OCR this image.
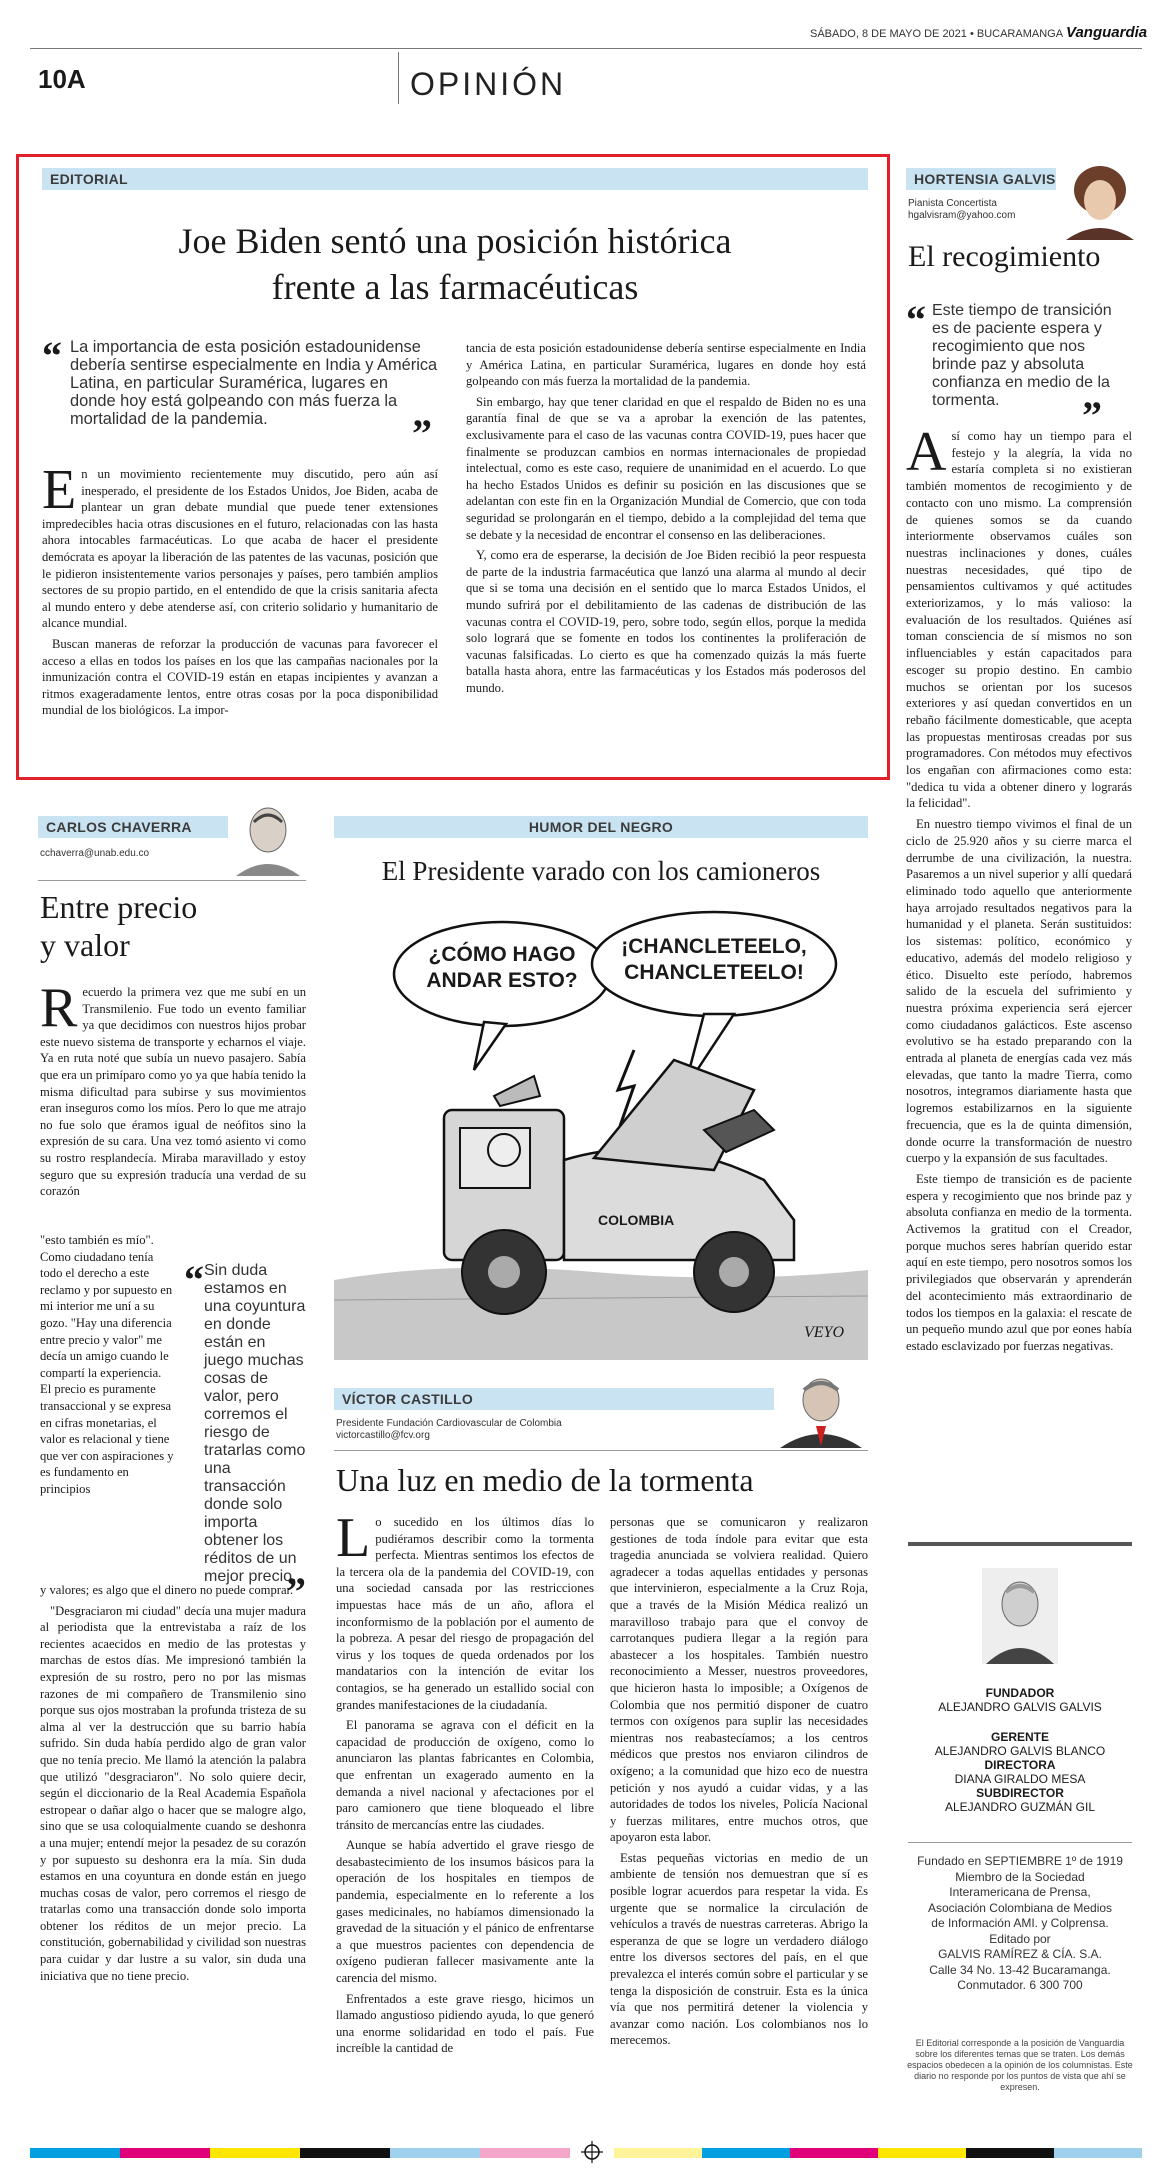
SÁBADO, 8 DE MAYO DE 2021 • BUCARAMANGA Vanguardia
10A	OPINIÓN
EDITORIAL
Joe Biden sentó una posición histórica
frente a las farmacéuticas
“ La importancia de esta posición estadounidense debería sentirse especialmente en India y América Latina, en particular Suramérica, lugares en donde hoy está golpeando con más fuerza la mortalidad de la pandemia.	”

En un movimiento recientemente muy discutido, pero aún así inesperado, el presidente de los Estados Unidos, Joe Biden, acaba de plantear un gran debate mundial que puede tener extensiones impredecibles hacia otras discusiones en el futuro, relacionadas con las hasta ahora intocables farmacéuticas. Lo que acaba de hacer el presidente demócrata es apoyar la liberación de las patentes de las vacunas, posición que le pidieron insistentemente varios personajes y países, pero también amplios sectores de su propio partido, en el entendido de que la crisis sanitaria afecta al mundo entero y debe atenderse así, con criterio solidario y humanitario de alcance mundial.

Buscan maneras de reforzar la producción de vacunas para favorecer el acceso a ellas en todos los países en los que las campañas nacionales por la inmunización contra el COVID-19 están en etapas incipientes y avanzan a ritmos exageradamente lentos, entre otras cosas por la poca disponibilidad mundial de los biológicos. La impor-

tancia de esta posición estadounidense debería sentirse especialmente en India y América Latina, en particular Suramérica, lugares en donde hoy está golpeando con más fuerza la mortalidad de la pandemia.

Sin embargo, hay que tener claridad en que el respaldo de Biden no es una garantía final de que se va a aprobar la exención de las patentes, exclusivamente para el caso de las vacunas contra COVID-19, pues hacer que finalmente se produzcan cambios en normas internacionales de propiedad intelectual, como es este caso, requiere de unanimidad en el acuerdo. Lo que ha hecho Estados Unidos es definir su posición en las discusiones que se adelantan con este fin en la Organización Mundial de Comercio, que con toda seguridad se prolongarán en el tiempo, debido a la complejidad del tema que se debate y la necesidad de encontrar el consenso en las deliberaciones.

Y, como era de esperarse, la decisión de Joe Biden recibió la peor respuesta de parte de la industria farmacéutica que lanzó una alarma al mundo al decir que si se toma una decisión en el sentido que lo marca Estados Unidos, el mundo sufrirá por el debilitamiento de las cadenas de distribución de las vacunas contra el COVID-19, pero, sobre todo, según ellos, porque la medida solo logrará que se fomente en todos los continentes la proliferación de vacunas falsificadas. Lo cierto es que ha comenzado quizás la más fuerte batalla hasta ahora, entre las farmacéuticas y los Estados más poderosos del mundo.

HORTENSIA GALVIS
Pianista Concertista
hgalvisram@yahoo.com
El recogimiento
“ Este tiempo de transición es de paciente espera y recogimiento que nos brinde paz y absoluta confianza en medio de la tormenta.	”

Así como hay un tiempo para el festejo y la alegría, la vida no estaría completa si no existieran también momentos de recogimiento y de contacto con uno mismo. La comprensión de quienes somos se da cuando interiormente observamos cuáles son nuestras inclinaciones y dones, cuáles nuestras necesidades, qué tipo de pensamientos cultivamos y qué actitudes exteriorizamos, y lo más valioso: la evaluación de los resultados. Quiénes así toman consciencia de sí mismos no son influenciables y están capacitados para escoger su propio destino. En cambio muchos se orientan por los sucesos exteriores y así quedan convertidos en un rebaño fácilmente domesticable, que acepta las propuestas mentirosas creadas por sus programadores. Con métodos muy efectivos los engañan con afirmaciones como esta: "dedica tu vida a obtener dinero y lograrás la felicidad".

En nuestro tiempo vivimos el final de un ciclo de 25.920 años y su cierre marca el derrumbe de una civilización, la nuestra. Pasaremos a un nivel superior y allí quedará eliminado todo aquello que anteriormente haya arrojado resultados negativos para la humanidad y el planeta. Serán sustituidos: los sistemas: político, económico y educativo, además del modelo religioso y ético. Disuelto este período, habremos salido de la escuela del sufrimiento y nuestra próxima experiencia será ejercer como ciudadanos galácticos. Este ascenso evolutivo se ha estado preparando con la entrada al planeta de energías cada vez más elevadas, que tanto la madre Tierra, como nosotros, integramos diariamente hasta que logremos estabilizarnos en la siguiente frecuencia, que es la de quinta dimensión, donde ocurre la transformación de nuestro cuerpo y la expansión de sus facultades.

Este tiempo de transición es de paciente espera y recogimiento que nos brinde paz y absoluta confianza en medio de la tormenta. Activemos la gratitud con el Creador, porque muchos seres habrían querido estar aquí en este tiempo, pero nosotros somos los privilegiados que observarán y aprenderán del acontecimiento más extraordinario de todos los tiempos en la galaxia: el rescate de un pequeño mundo azul que por eones había estado esclavizado por fuerzas negativas.

CARLOS CHAVERRA
cchaverra@unab.edu.co
Entre precio
y valor

Recuerdo la primera vez que me subí en un Transmilenio. Fue todo un evento familiar ya que decidimos con nuestros hijos probar este nuevo sistema de transporte y echarnos el viaje. Ya en ruta noté que subía un nuevo pasajero. Sabía que era un primíparo como yo ya que había tenido la misma dificultad para subirse y sus movimientos eran inseguros como los míos. Pero lo que me atrajo no fue solo que éramos igual de neófitos sino la expresión de su cara. Una vez tomó asiento vi como su rostro resplandecía. Miraba maravillado y estoy seguro que su expresión traducía una verdad de su corazón

"esto también es mío". Como ciudadano tenía todo el derecho a este reclamo y por supuesto en mi interior me uní a su gozo. "Hay una diferencia entre precio y valor" me decía un amigo cuando le compartí la experiencia. El precio es puramente transaccional y se expresa en cifras monetarias, el valor es relacional y tiene que ver con aspiraciones y es fundamento en principios

“ Sin duda estamos en una coyuntura en donde están en juego muchas cosas de valor, pero corremos el riesgo de tratarlas como una transacción donde solo importa obtener los réditos de un mejor precio.
”

y valores; es algo que el dinero no puede comprar.

"Desgraciaron mi ciudad" decía una mujer madura al periodista que la entrevistaba a raíz de los recientes acaecidos en medio de las protestas y marchas de estos días. Me impresionó también la expresión de su rostro, pero no por las mismas razones de mi compañero de Transmilenio sino porque sus ojos mostraban la profunda tristeza de su alma al ver la destrucción que su barrio había sufrido. Sin duda había perdido algo de gran valor que no tenía precio. Me llamó la atención la palabra que utilizó "desgraciaron". No solo quiere decir, según el diccionario de la Real Academia Española estropear o dañar algo o hacer que se malogre algo, sino que se usa coloquialmente cuando se deshonra a una mujer; entendí mejor la pesadez de su corazón y por supuesto su deshonra era la mía. Sin duda estamos en una coyuntura en donde están en juego muchas cosas de valor, pero corremos el riesgo de tratarlas como una transacción donde solo importa obtener los réditos de un mejor precio. La constitución, gobernabilidad y civilidad son nuestras para cuidar y dar lustre a su valor, sin duda una iniciativa que no tiene precio.

HUMOR DEL NEGRO
El Presidente varado con los camioneros
¿CÓMO HAGO ANDAR ESTO?
¡CHANCLETEELO, CHANCLETEELO!
COLOMBIA
VEYO
VÍCTOR CASTILLO
Presidente Fundación Cardiovascular de Colombia
victorcastillo@fcv.org
Una luz en medio de la tormenta

Lo sucedido en los últimos días lo pudiéramos describir como la tormenta perfecta. Mientras sentimos los efectos de la tercera ola de la pandemia del COVID-19, con una sociedad cansada por las restricciones impuestas hace más de un año, aflora el inconformismo de la población por el aumento de la pobreza. A pesar del riesgo de propagación del virus y los toques de queda ordenados por los mandatarios con la intención de evitar los contagios, se ha generado un estallido social con grandes manifestaciones de la ciudadanía.

El panorama se agrava con el déficit en la capacidad de producción de oxígeno, como lo anunciaron las plantas fabricantes en Colombia, que enfrentan un exagerado aumento en la demanda a nivel nacional y afectaciones por el paro camionero que tiene bloqueado el libre tránsito de mercancías entre las ciudades.

Aunque se había advertido el grave riesgo de desabastecimiento de los insumos básicos para la operación de los hospitales en tiempos de pandemia, especialmente en lo referente a los gases medicinales, no habíamos dimensionado la gravedad de la situación y el pánico de enfrentarse a que muestros pacientes con dependencia de oxígeno pudieran fallecer masivamente ante la carencia del mismo.

Enfrentados a este grave riesgo, hicimos un llamado angustioso pidiendo ayuda, lo que generó una enorme solidaridad en todo el país. Fue increíble la cantidad de

personas que se comunicaron y realizaron gestiones de toda índole para evitar que esta tragedia anunciada se volviera realidad. Quiero agradecer a todas aquellas entidades y personas que intervinieron, especialmente a la Cruz Roja, que a través de la Misión Médica realizó un maravilloso trabajo para que el convoy de carrotanques pudiera llegar a la región para abastecer a los hospitales. También nuestro reconocimiento a Messer, nuestros proveedores, que hicieron hasta lo imposible; a Oxígenos de Colombia que nos permitió disponer de cuatro termos con oxígenos para suplir las necesidades mientras nos reabastecíamos; a los centros médicos que prestos nos enviaron cilindros de oxígeno; a la comunidad que hizo eco de nuestra petición y nos ayudó a cuidar vidas, y a las autoridades de todos los niveles, Policía Nacional y fuerzas militares, entre muchos otros, que apoyaron esta labor.

Estas pequeñas victorias en medio de un ambiente de tensión nos demuestran que sí es posible lograr acuerdos para respetar la vida. Es urgente que se normalice la circulación de vehículos a través de nuestras carreteras. Abrigo la esperanza de que se logre un verdadero diálogo entre los diversos sectores del país, en el que prevalezca el interés común sobre el particular y se tenga la disposición de construir. Esta es la única vía que nos permitirá detener la violencia y avanzar como nación. Los colombianos nos lo merecemos.

FUNDADOR
ALEJANDRO GALVIS GALVIS
GERENTE
ALEJANDRO GALVIS BLANCO
DIRECTORA
DIANA GIRALDO MESA
SUBDIRECTOR
ALEJANDRO GUZMÁN GIL
Fundado en SEPTIEMBRE 1º de 1919
Miembro de la Sociedad
Interamericana de Prensa,
Asociación Colombiana de Medios
de Información AMI. y Colprensa.
Editado por
GALVIS RAMÍREZ & CÍA. S.A.
Calle 34 No. 13-42 Bucaramanga.
Conmutador. 6 300 700
El Editorial corresponde a la posición de Vanguardia sobre los diferentes temas que se traten. Los demás espacios obedecen a la opinión de los columnistas. Este diario no responde por los puntos de vista que ahí se expresen.
